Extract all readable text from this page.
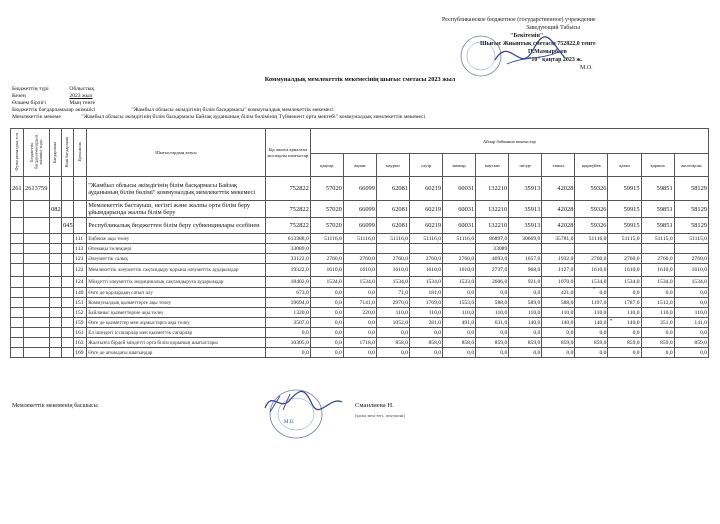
Республиканское бюджетное (государственное) учреждение
Заведующий Табысы
"Бекiтемiн"
Шығыс Жиынтық сметасы 752822,0 тенге
П.Мамырбаев
"10" қаңтар 2023 ж.
М.О.
Коммуналдық мемлекеттік мекемесінің шығыс сметасы 2023 жыл
Бюджеттің түрі	Облыстық
Кезең	2023 жыл
Өлшем бірлігі	Мың тенге
Бюджеттік бағдарламалар әкімшісі	"Жамбыл облысы әкімдігінің білім басқармасы" коммуналдық мемлекеттік мекемесі
Мемлекеттік мекеме	"Жамбыл облысы әкімдігінің білім басқармасы Байзақ ауданының білім бөлімінің Түймекент орта мектебі" коммуналдық мемлекеттік мекемесі
Функционалдық топ	Бюджеттік бағдарламалардың әкімшісі коды	Бағдарлама	Кіші бағдарлама	Ерекшелік	Шығыстардың атауы	Бір жылға арналған жоспарлы шығыстар	Айлар бойынша шығыстар											
							қаңтар	ақпан	наурыз	сәуір	мамыр	маусым	шілде	тамыз	қыркүйек	қазан	қараша	желтоқсан
261	2613759				"Жамбыл облысы әкімдігінің білім басқармасы Байзақ ауданының білім бөлімі" коммуналдық мемлекеттік мекемесі	752822	57020	66099	62081	60219	60031	132210	35913	42028	59326	59915	59851	58129
		082			Мемлекеттік бастауыш, негізгі және жалпы орта білім беру ұйымдарында жалпы білім беру	752822	57020	66099	62081	60219	60031	132210	35913	42028	59326	59915	59851	58129
			045		Республикалық бюджеттен білім беру субвенциялары есебінен	752822	57020	66099	62081	60219	60031	132210	35913	42028	59326	59915	59851	58129
				111	Еңбекке ақы төлеу	613388,0	51116,0	51116,0	51116,0	51116,0	51116,0	86897,0	30669,0	35781,0	51116,0	51115,0	51115,0	51115,0
				113	Өтемақы төлемдері	33089,0						33089						
				121	Әлеуметтік салық	33122,0	2760,0	2760,0	2760,0	2760,0	2760,0	4693,0	1657,0	1932,0	2760,0	2760,0	2760,0	2760,0
				122	Мемлекеттік әлеуметтік сақтандыру қорына әлеуметтік аударымдар	19322,0	1610,0	1610,0	1610,0	1610,0	1610,0	2737,0	968,0	1127,0	1610,0	1610,0	1610,0	1610,0
				124	Міндетті әлеуметтік медициналық сақтандыруға аударымдар	18402,0	1534,0	1534,0	1534,0	1534,0	1533,0	2606,0	921,0	1070,0	1534,0	1534,0	1534,0	1534,0
				149	Өзге де қорлардың сатып алу	673,0	0,0	0,0	71,0	181,0	0,0	0,0	0,0	421,0	0,0	0,0	0,0	0,0
				151	Коммуналдық қызметтерге ақы төлеу	19694,0	0,0	7141,0	2970,0	1769,0	1553,0	588,0	589,0	588,0	1197,0	1787,0	1512,0	0,0
				152	Байланыс қызметтеріне ақы төлеу	1320,0	0,0	220,0	110,0	110,0	110,0	110,0	110,0	110,0	110,0	110,0	110,0	110,0
				159	Өзге де қызметтер мен жұмыстарға ақы төлеу	3507,0	0,0	0,0	1052,0	281,0	491,0	631,0	140,0	140,0	140,0	140,0	351,0	141,0
				161	Ел ішіндегі іссапарлар мен қызметтік сапарлар	0,0	0,0	0,0	0,0	0,0	0,0	0,0	0,0	0,0	0,0	0,0	0,0	0,0
				163	Жалғызға бірдей міндетті орта білім қорының шығыстары	10305,0	0,0	1718,0	858,0	858,0	858,0	859,0	859,0	859,0	859,0	859,0	859,0	859,0
				169	Өзге де ағымдағы шығындар	0,0	0,0	0,0	0,0	0,0	0,0	0,0	0,0	0,0	0,0	0,0	0,0	0,0
•
•
Мемлекеттік мекеменің басшысы
М.О.
Сманлиева Н.
(қолы мен тегі, аты-жөні)
